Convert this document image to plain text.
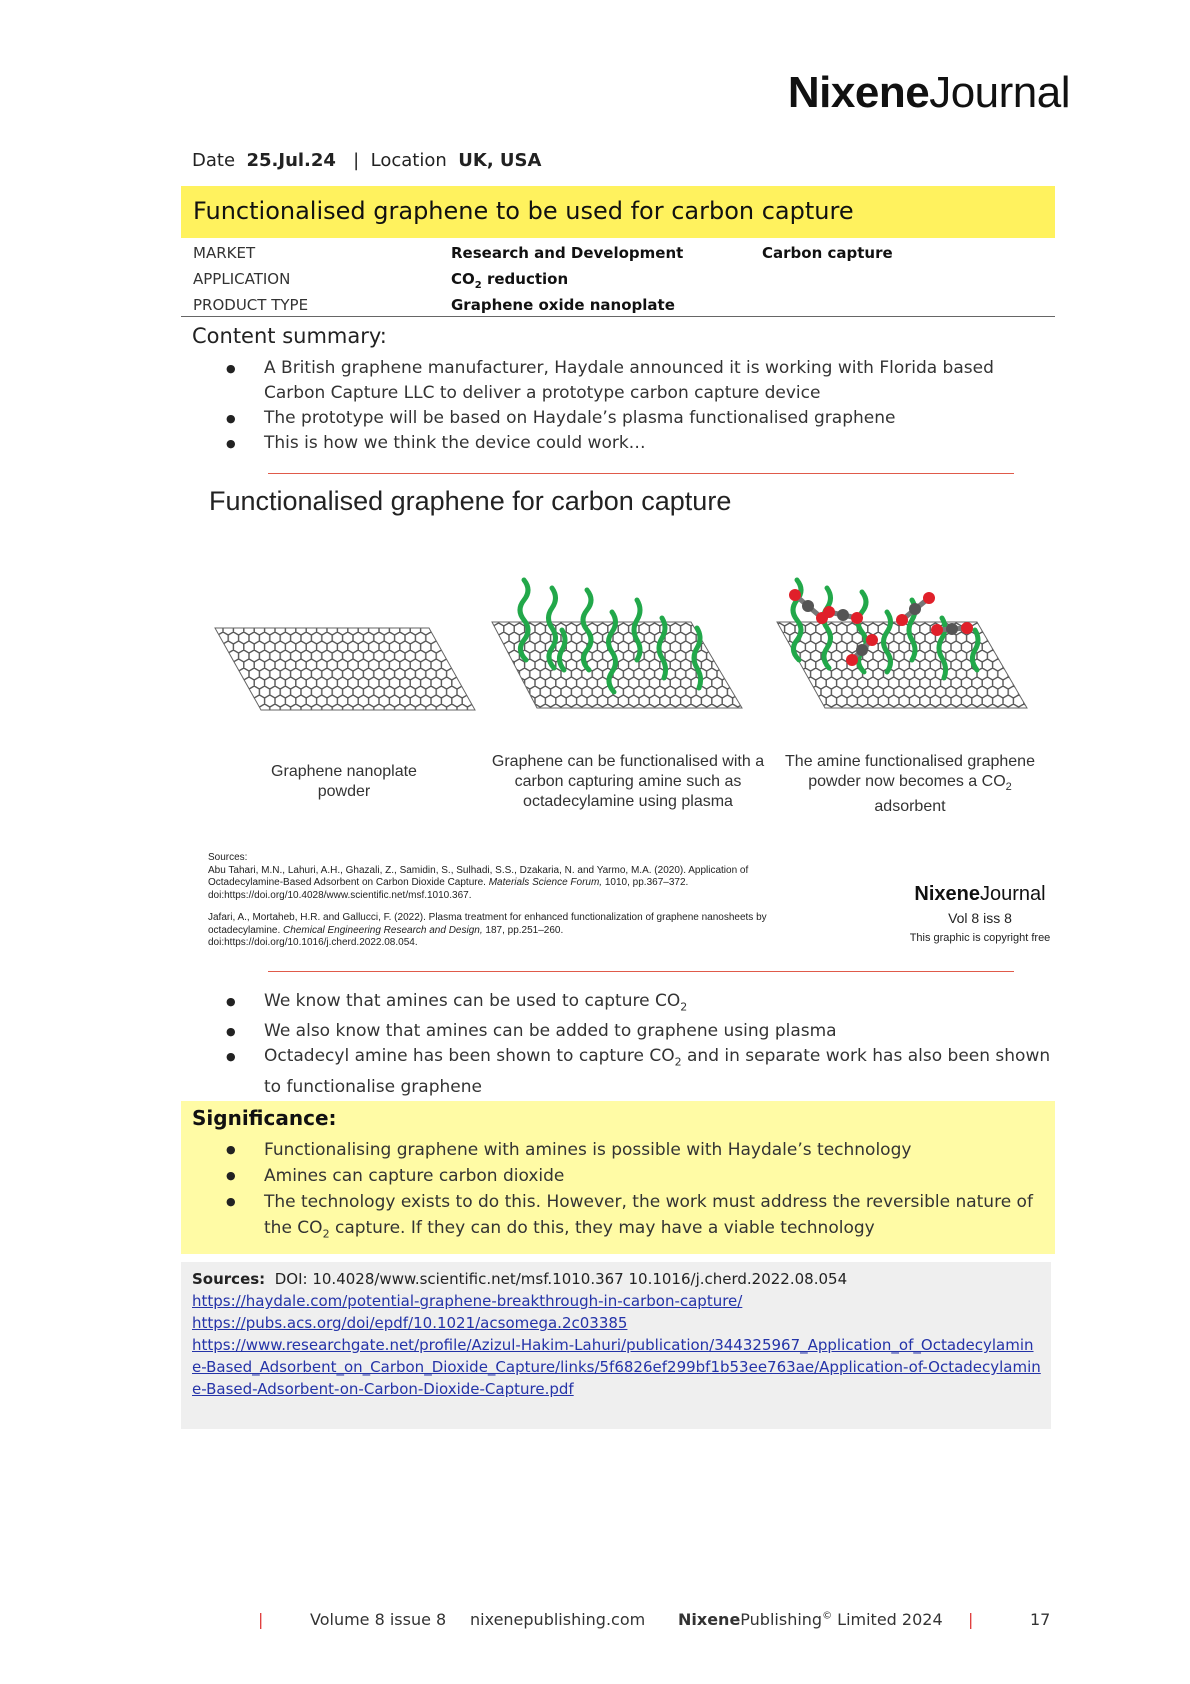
NixeneJournal
Date 25.Jul.24 | Location UK, USA
Functionalised graphene to be used for carbon capture
MARKET	Research and Development	Carbon capture
APPLICATION	$CO_2$ reduction
PRODUCT TYPE	Graphene oxide nanoplate
Content summary:
● A British graphene manufacturer, Haydale announced it is working with Florida based Carbon Capture LLC to deliver a prototype carbon capture device
● The prototype will be based on Haydale’s plasma functionalised graphene
● This is how we think the device could work…
Functionalised graphene for carbon capture
Graphene nanoplate powder
Graphene can be functionalised with a carbon capturing amine such as octadecylamine using plasma
The amine functionalised graphene powder now becomes a $CO_2$ adsorbent
Sources:
Abu Tahari, M.N., Lahuri, A.H., Ghazali, Z., Samidin, S., Sulhadi, S.S., Dzakaria, N. and Yarmo, M.A. (2020). Application of Octadecylamine-Based Adsorbent on Carbon Dioxide Capture. Materials Science Forum, 1010, pp.367–372.
doi:https://doi.org/10.4028/www.scientific.net/msf.1010.367.
Jafari, A., Mortaheb, H.R. and Gallucci, F. (2022). Plasma treatment for enhanced functionalization of graphene nanosheets by octadecylamine. Chemical Engineering Research and Design, 187, pp.251–260.
doi:https://doi.org/10.1016/j.cherd.2022.08.054.
NixeneJournal
Vol 8 iss 8
This graphic is copyright free
● We know that amines can be used to capture $CO_2$
● We also know that amines can be added to graphene using plasma
● Octadecyl amine has been shown to capture $CO_2$ and in separate work has also been shown to functionalise graphene
Significance:
● Functionalising graphene with amines is possible with Haydale’s technology
● Amines can capture carbon dioxide
● The technology exists to do this. However, the work must address the reversible nature of the $CO_2$ capture. If they can do this, they may have a viable technology
Sources: DOI: 10.4028/www.scientific.net/msf.1010.367 10.1016/j.cherd.2022.08.054
https://haydale.com/potential-graphene-breakthrough-in-carbon-capture/
https://pubs.acs.org/doi/epdf/10.1021/acsomega.2c03385
https://www.researchgate.net/profile/Azizul-Hakim-Lahuri/publication/344325967_Application_of_Octadecylamine-Based_Adsorbent_on_Carbon_Dioxide_Capture/links/5f6826ef299bf1b53ee763ae/Application-of-Octadecylamine-Based-Adsorbent-on-Carbon-Dioxide-Capture.pdf
|	Volume 8 issue 8 nixenepublishing.com NixenePublishing© Limited 2024 |	17
